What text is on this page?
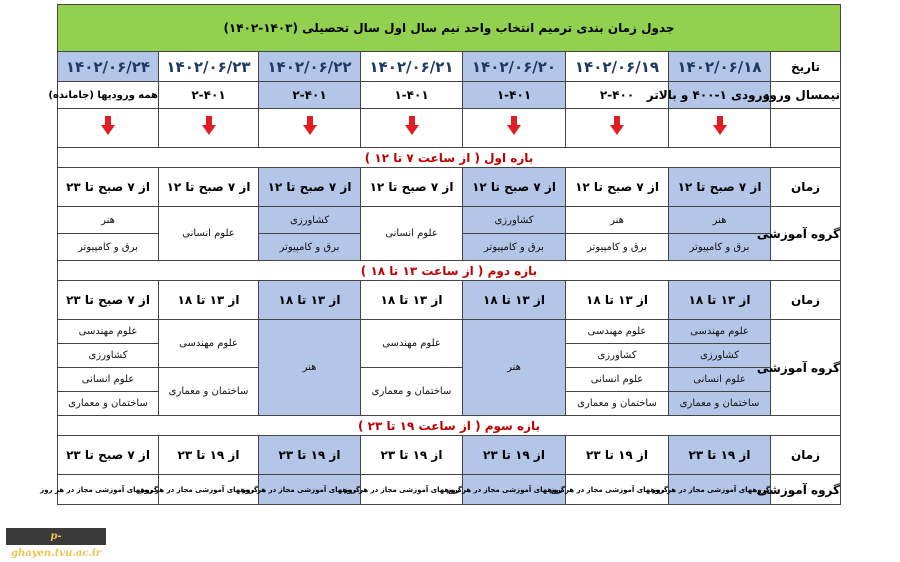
جدول زمان بندی ترمیم انتخاب واحد نیم سال اول سال تحصیلی (۱۴۰۳-۱۴۰۲)							
تاریخ	۱۴۰۲/۰۶/۱۸	۱۴۰۲/۰۶/۱۹	۱۴۰۲/۰۶/۲۰	۱۴۰۲/۰۶/۲۱	۱۴۰۲/۰۶/۲۲	۱۴۰۲/۰۶/۲۳	۱۴۰۲/۰۶/۲۴
نیمسال ورود	ورودی ۱-۴۰۰ و بالاتر	۲-۴۰۰	۱-۴۰۱	۱-۴۰۱	۲-۴۰۱	۲-۴۰۱	همه ورودیها (جامانده)

بازه اول ( از ساعت ۷ تا ۱۲ )							
زمان	از ۷ صبح تا ۱۲	از ۷ صبح تا ۱۲	از ۷ صبح تا ۱۲	از ۷ صبح تا ۱۲	از ۷ صبح تا ۱۲	از ۷ صبح تا ۱۲	از ۷ صبح تا ۲۳
گروه آموزشی	هنر	هنر	کشاورزی	علوم انسانی	کشاورزی	علوم انسانی	هنر
	برق و کامپیوتر	برق و کامپیوتر	برق و کامپیوتر		برق و کامپیوتر		برق و کامپیوتر
بازه دوم ( از ساعت ۱۳ تا ۱۸ )							
زمان	از ۱۳ تا ۱۸	از ۱۳ تا ۱۸	از ۱۳ تا ۱۸	از ۱۳ تا ۱۸	از ۱۳ تا ۱۸	از ۱۳ تا ۱۸	از ۷ صبح تا ۲۳
گروه آموزشی	علوم مهندسی	علوم مهندسی	هنر	علوم مهندسی	هنر	علوم مهندسی	علوم مهندسی
	کشاورزی	کشاورزی					کشاورزی
	علوم انسانی	علوم انسانی		ساختمان و معماری		ساختمان و معماری	علوم انسانی
	ساختمان و معماری	ساختمان و معماری					ساختمان و معماری
بازه سوم ( از ساعت ۱۹ تا ۲۳ )							
زمان	از ۱۹ تا ۲۳	از ۱۹ تا ۲۳	از ۱۹ تا ۲۳	از ۱۹ تا ۲۳	از ۱۹ تا ۲۳	از ۱۹ تا ۲۳	از ۷ صبح تا ۲۳
گروه آموزشی	گروههای آموزشی مجاز در هر روز	گروههای آموزشی مجاز در هر روز	گروههای آموزشی مجاز در هر روز	گروههای آموزشی مجاز در هر روز	گروههای آموزشی مجاز در هر روز	گروههای آموزشی مجاز در هر روز	گروههای آموزشی مجاز در هر روز
p-ghayen.tvu.ac.ir
